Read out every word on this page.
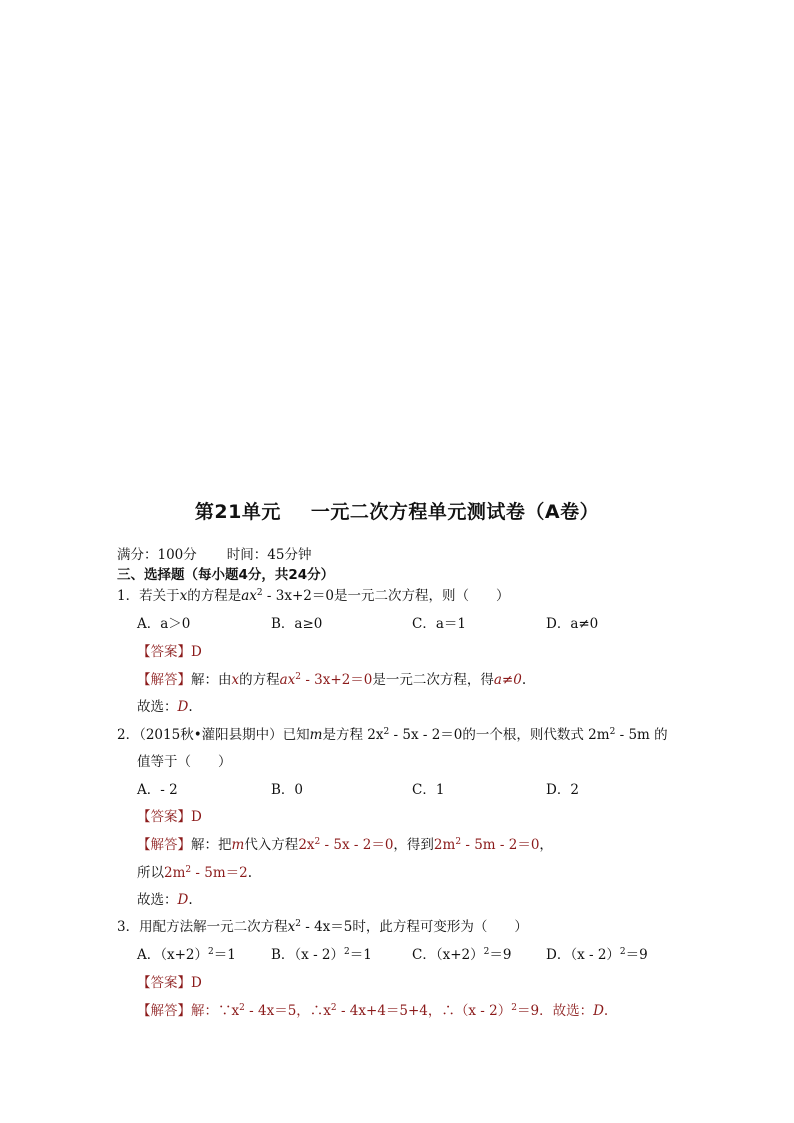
第21单元 一元二次方程单元测试卷（A卷）
满分：100分 时间：45分钟
三、选择题（每小题4分，共24分）
1．若关于x的方程是$ax^2 - 3x+2=0$是一元二次方程，则（　　）
A．a＞0	B．a≥0	C．a＝1	D．a≠0
【答案】D
【解答】解：由x的方程$ax^2 - 3x+2=0$是一元二次方程，得a≠0.
故选：D.
2．（2015秋•灌阳县期中）已知m是方程 $2x^2 - 5x - 2=0$的一个根，则代数式 $2m^2 - 5m$ 的
值等于（　　）
A．- 2	B．0	C．1	D．2
【答案】D
【解答】解：把m代入方程$2x^2 - 5x - 2=0$，得到$2m^2 - 5m - 2=0$，
所以$2m^2 - 5m=2$.
故选：D.
3．用配方法解一元二次方程$x^2 - 4x=5$时，此方程可变形为（　　）
A．$(x+2)^2=1$	B．（x - 2）$^2$＝1	C．$(x+2)^2=9$	D．（x - 2）$^2$＝9
【答案】D
【解答】解：$\because x^2 - 4x=5$，$\therefore x^2 - 4x+4=5+4$，∴（x - 2）$^2$＝9．故选：D.
